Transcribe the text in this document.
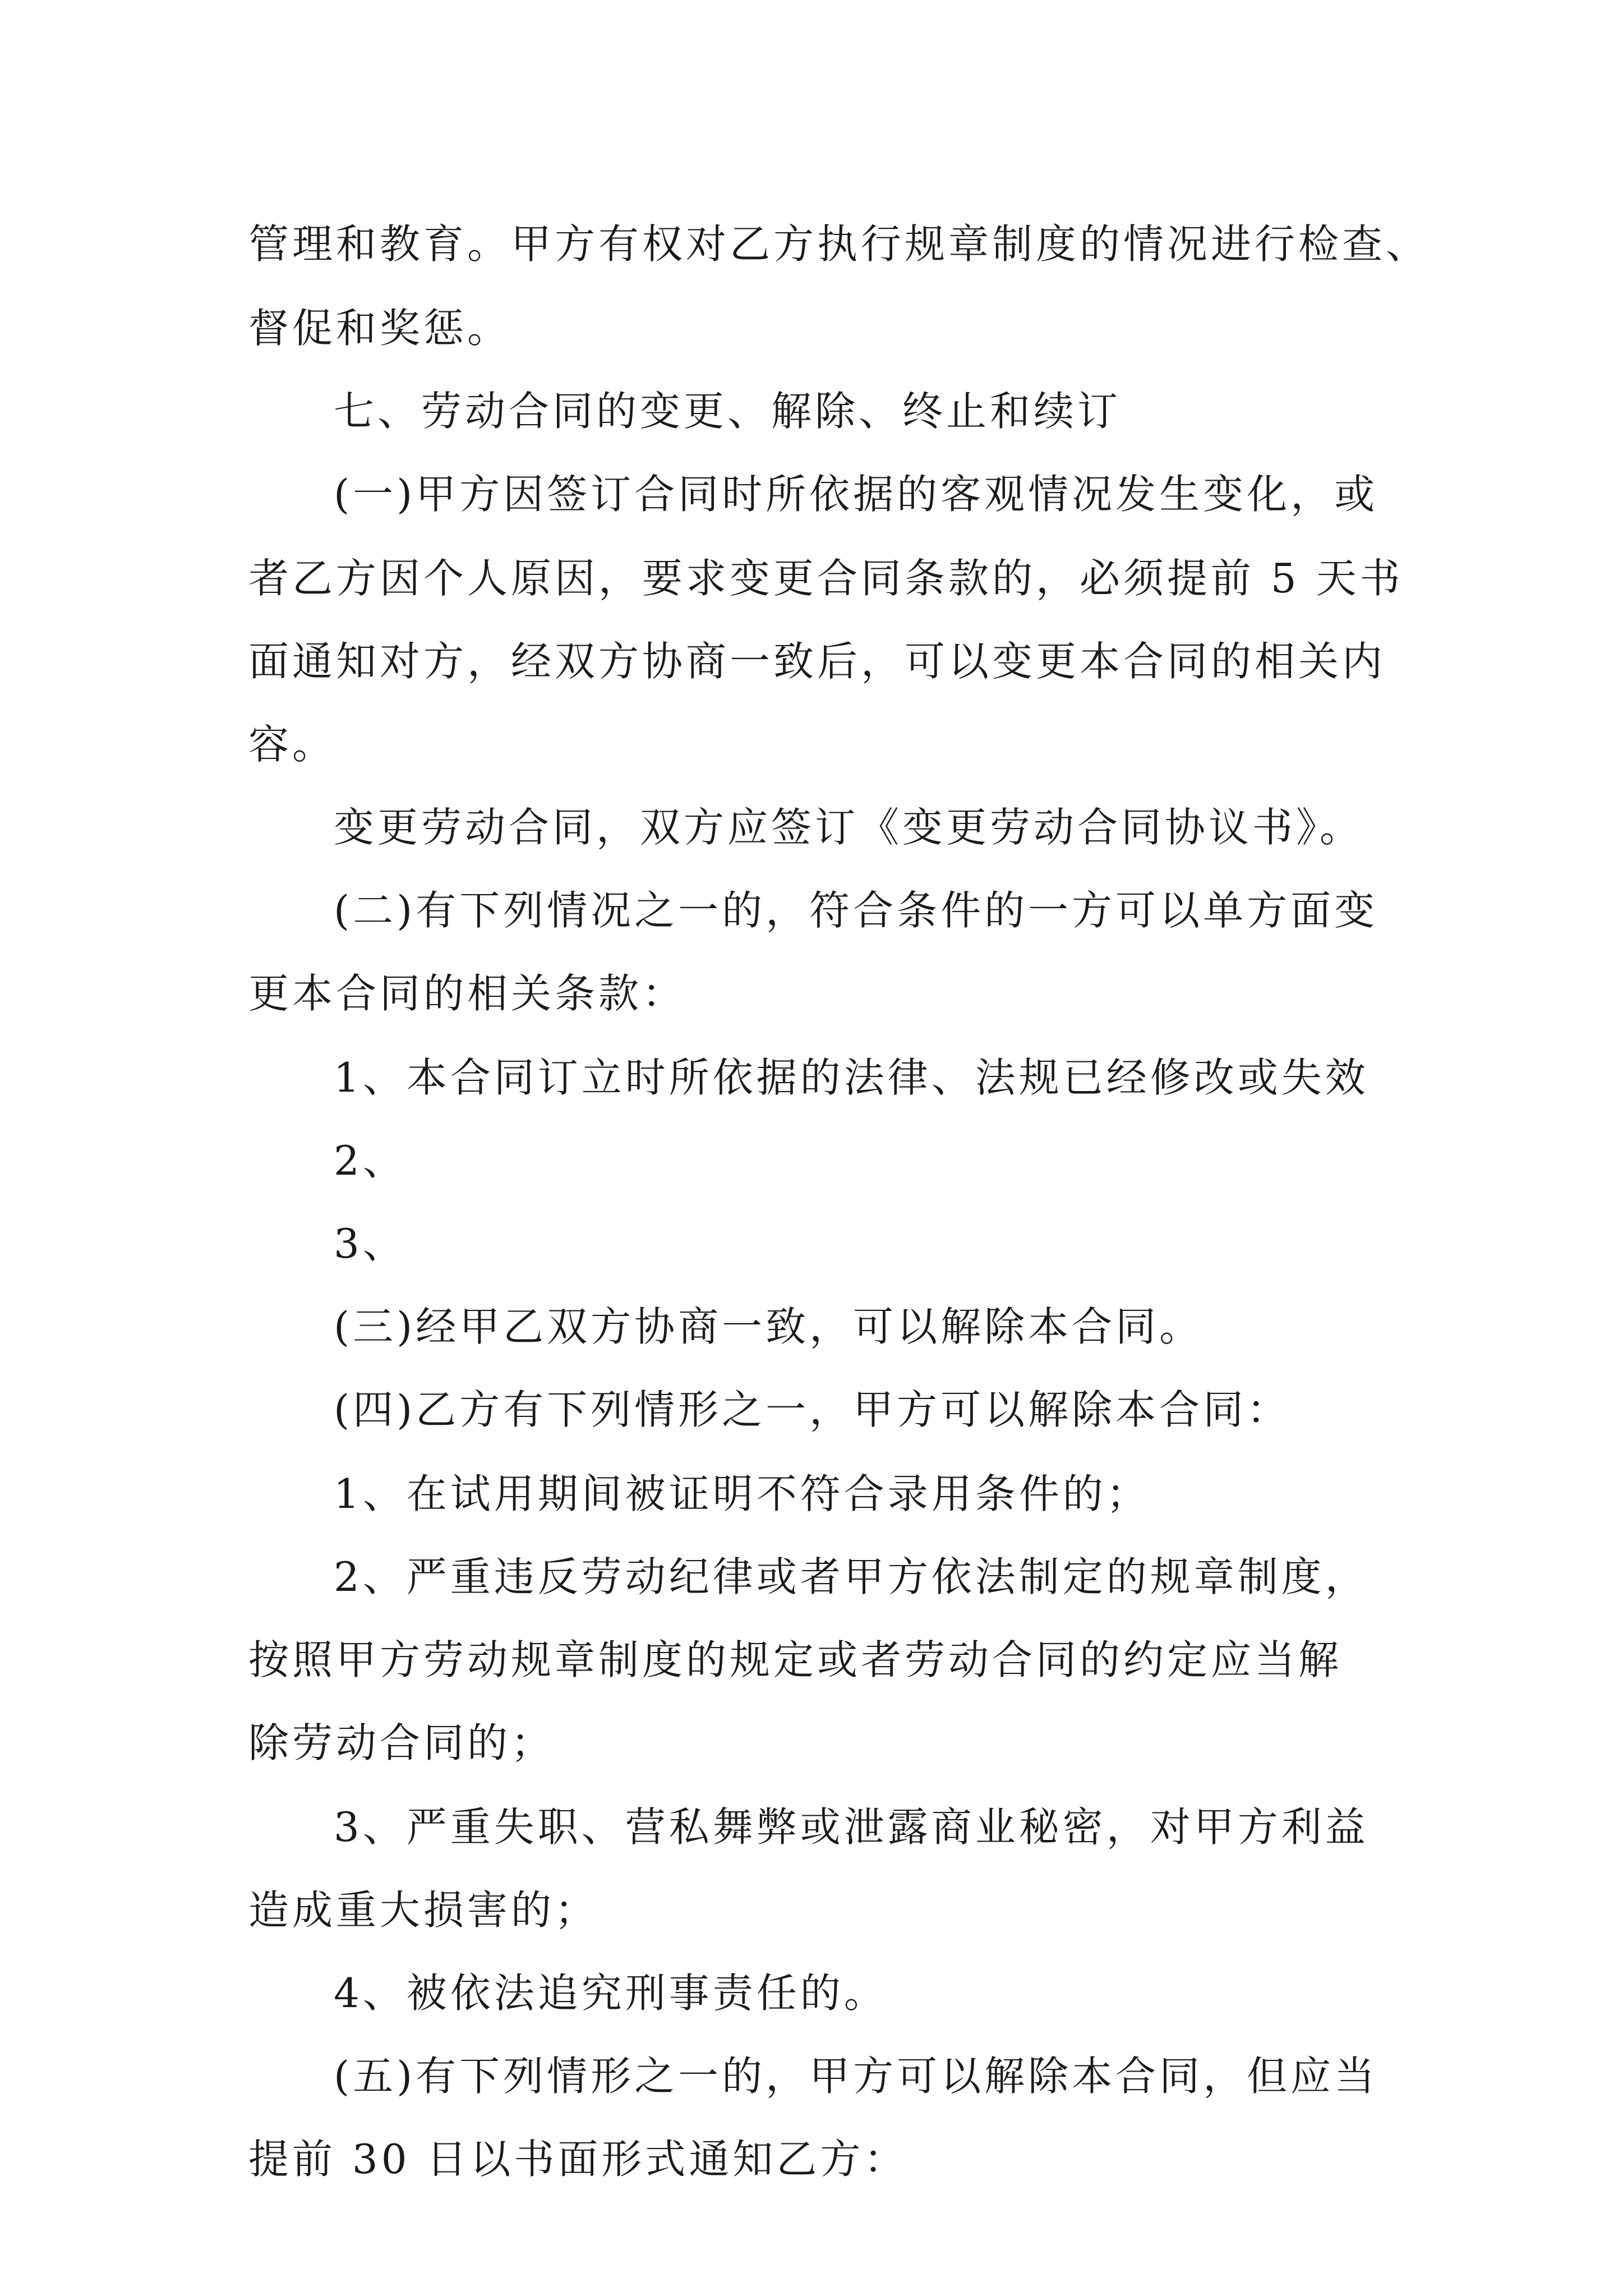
管理和教育。甲方有权对乙方执行规章制度的情况进行检查、
督促和奖惩。
七、劳动合同的变更、解除、终止和续订
(一)甲方因签订合同时所依据的客观情况发生变化，或
者乙方因个人原因，要求变更合同条款的，必须提前 5 天书
面通知对方，经双方协商一致后，可以变更本合同的相关内
容。
变更劳动合同，双方应签订《变更劳动合同协议书》。
(二)有下列情况之一的，符合条件的一方可以单方面变
更本合同的相关条款：
1、本合同订立时所依据的法律、法规已经修改或失效
2、
3、
(三)经甲乙双方协商一致，可以解除本合同。
(四)乙方有下列情形之一，甲方可以解除本合同：
1、在试用期间被证明不符合录用条件的；
2、严重违反劳动纪律或者甲方依法制定的规章制度，
按照甲方劳动规章制度的规定或者劳动合同的约定应当解
除劳动合同的；
3、严重失职、营私舞弊或泄露商业秘密，对甲方利益
造成重大损害的；
4、被依法追究刑事责任的。
(五)有下列情形之一的，甲方可以解除本合同，但应当
提前 30 日以书面形式通知乙方：
